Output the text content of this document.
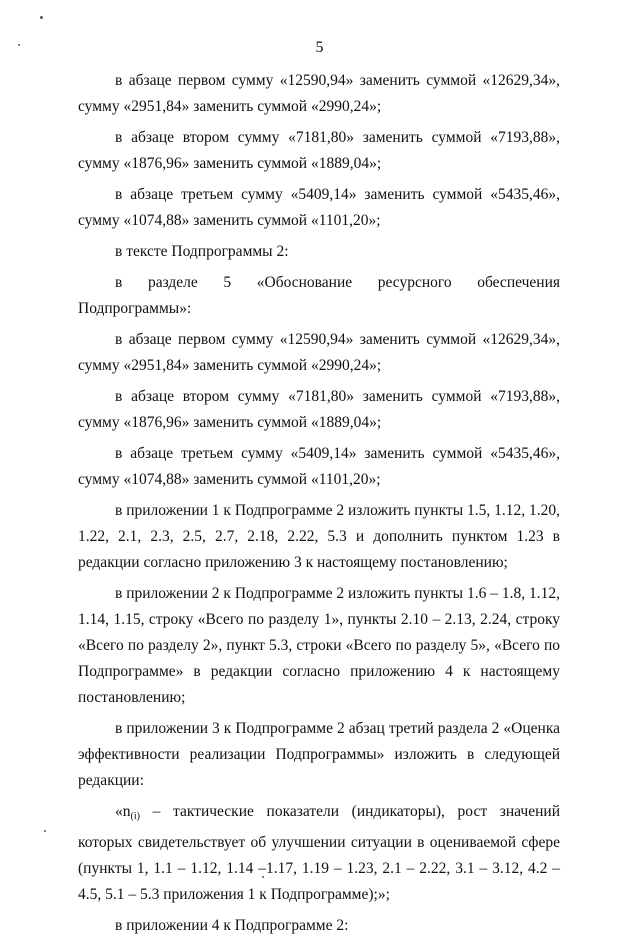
5

в абзаце первом сумму «12590,94» заменить суммой «12629,34», сумму «2951,84» заменить суммой «2990,24»;

в абзаце втором сумму «7181,80» заменить суммой «7193,88», сумму «1876,96» заменить суммой «1889,04»;

в абзаце третьем сумму «5409,14» заменить суммой «5435,46», сумму «1074,88» заменить суммой «1101,20»;

в тексте Подпрограммы 2:

в разделе 5 «Обоснование ресурсного обеспечения Подпрограммы»:

в абзаце первом сумму «12590,94» заменить суммой «12629,34», сумму «2951,84» заменить суммой «2990,24»;

в абзаце втором сумму «7181,80» заменить суммой «7193,88», сумму «1876,96» заменить суммой «1889,04»;

в абзаце третьем сумму «5409,14» заменить суммой «5435,46», сумму «1074,88» заменить суммой «1101,20»;

в приложении 1 к Подпрограмме 2 изложить пункты 1.5, 1.12, 1.20, 1.22, 2.1, 2.3, 2.5, 2.7, 2.18, 2.22, 5.3 и дополнить пунктом 1.23 в редакции согласно приложению 3 к настоящему постановлению;

в приложении 2 к Подпрограмме 2 изложить пункты 1.6 – 1.8, 1.12, 1.14, 1.15, строку «Всего по разделу 1», пункты 2.10 – 2.13, 2.24, строку «Всего по разделу 2», пункт 5.3, строки «Всего по разделу 5», «Всего по Подпрограмме» в редакции согласно приложению 4 к настоящему постановлению;

в приложении 3 к Подпрограмме 2 абзац третий раздела 2 «Оценка эффективности реализации Подпрограммы» изложить в следующей редакции:

«$n_{(i)}$ – тактические показатели (индикаторы), рост значений которых свидетельствует об улучшении ситуации в оцениваемой сфере (пункты 1, 1.1 – 1.12, 1.14 –1.17, 1.19 – 1.23, 2.1 – 2.22, 3.1 – 3.12, 4.2 – 4.5, 5.1 – 5.3 приложения 1 к Подпрограмме);»;

в приложении 4 к Подпрограмме 2:
